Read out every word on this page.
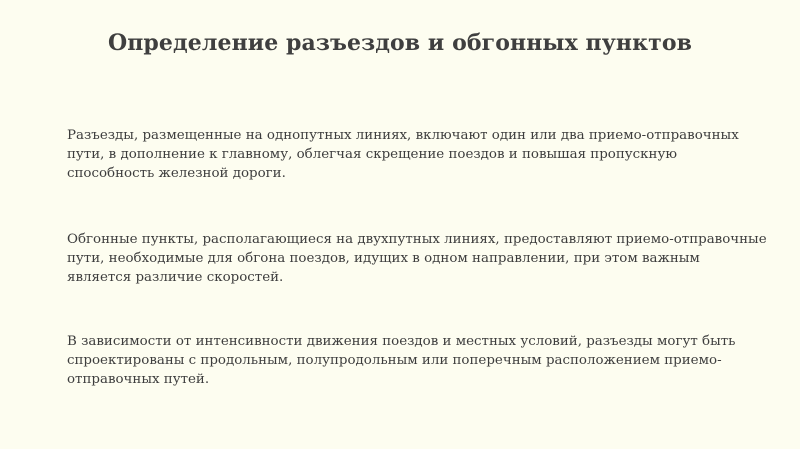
Определение разъездов и обгонных пунктов

Разъезды, размещенные на однопутных линиях, включают один или два приемо-отправочных пути, в дополнение к главному, облегчая скрещение поездов и повышая пропускную способность железной дороги.

Обгонные пункты, располагающиеся на двухпутных линиях, предоставляют приемо-отправочные пути, необходимые для обгона поездов, идущих в одном направлении, при этом важным является различие скоростей.

В зависимости от интенсивности движения поездов и местных условий, разъезды могут быть спроектированы с продольным, полупродольным или поперечным расположением приемо-отправочных путей.
